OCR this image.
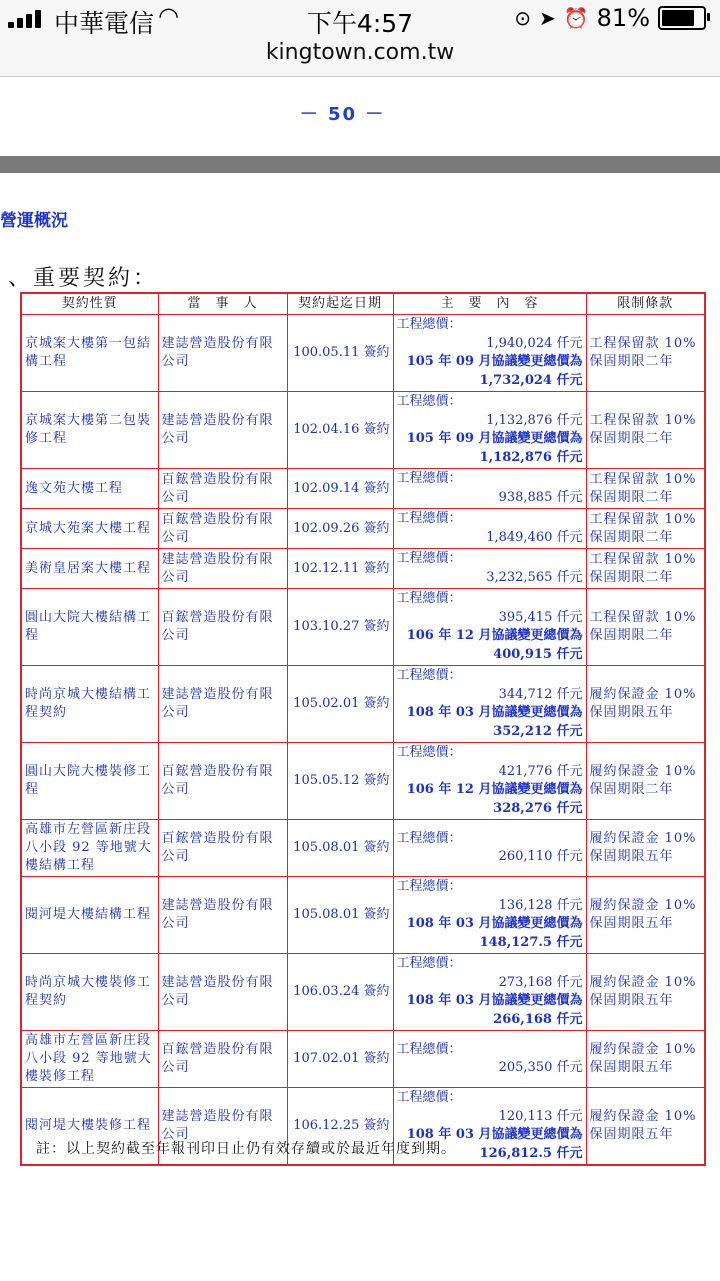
中華電信 ◠	下午4:57	⊙ ➤ ⏰ 81%
kingtown.com.tw
－ 50 －
營運概況
、重要契約：
契約性質	當　事　人	契約起迄日期	主　要　內　容	限制條款
京城案大樓第一包結構工程	建誌營造股份有限公司	100.05.11 簽約	工程總價：
1,940,024 仟元
105 年 09 月協議變更總價為
1,732,024 仟元	工程保留款 10%保固期限二年
京城案大樓第二包裝修工程	建誌營造股份有限公司	102.04.16 簽約	工程總價：
1,132,876 仟元
105 年 09 月協議變更總價為
1,182,876 仟元	工程保留款 10%保固期限二年
逸文苑大樓工程	百鋐營造股份有限公司	102.09.14 簽約	工程總價：
938,885 仟元	工程保留款 10%保固期限二年
京城大苑案大樓工程	百鋐營造股份有限公司	102.09.26 簽約	工程總價：
1,849,460 仟元	工程保留款 10%保固期限二年
美術皇居案大樓工程	建誌營造股份有限公司	102.12.11 簽約	工程總價：
3,232,565 仟元	工程保留款 10%保固期限二年
圓山大院大樓結構工程	百鋐營造股份有限公司	103.10.27 簽約	工程總價：
395,415 仟元
106 年 12 月協議變更總價為
400,915 仟元	工程保留款 10%保固期限二年
時尚京城大樓結構工程契約	建誌營造股份有限公司	105.02.01 簽約	工程總價：
344,712 仟元
108 年 03 月協議變更總價為
352,212 仟元	履約保證金 10%保固期限五年
圓山大院大樓裝修工程	百鋐營造股份有限公司	105.05.12 簽約	工程總價：
421,776 仟元
106 年 12 月協議變更總價為
328,276 仟元	履約保證金 10%保固期限二年
高雄市左營區新庄段八小段 92 等地號大樓結構工程	百鋐營造股份有限公司	105.08.01 簽約	工程總價：
260,110 仟元	履約保證金 10%保固期限五年
閱河堤大樓結構工程	建誌營造股份有限公司	105.08.01 簽約	工程總價：
136,128 仟元
108 年 03 月協議變更總價為
148,127.5 仟元	履約保證金 10%保固期限五年
時尚京城大樓裝修工程契約	建誌營造股份有限公司	106.03.24 簽約	工程總價：
273,168 仟元
108 年 03 月協議變更總價為
266,168 仟元	履約保證金 10%保固期限五年
高雄市左營區新庄段八小段 92 等地號大樓裝修工程	百鋐營造股份有限公司	107.02.01 簽約	工程總價：
205,350 仟元	履約保證金 10%保固期限五年
閱河堤大樓裝修工程	建誌營造股份有限公司	106.12.25 簽約	工程總價：
120,113 仟元
108 年 03 月協議變更總價為
126,812.5 仟元	履約保證金 10%保固期限五年
註：以上契約截至年報刊印日止仍有效存續或於最近年度到期。
